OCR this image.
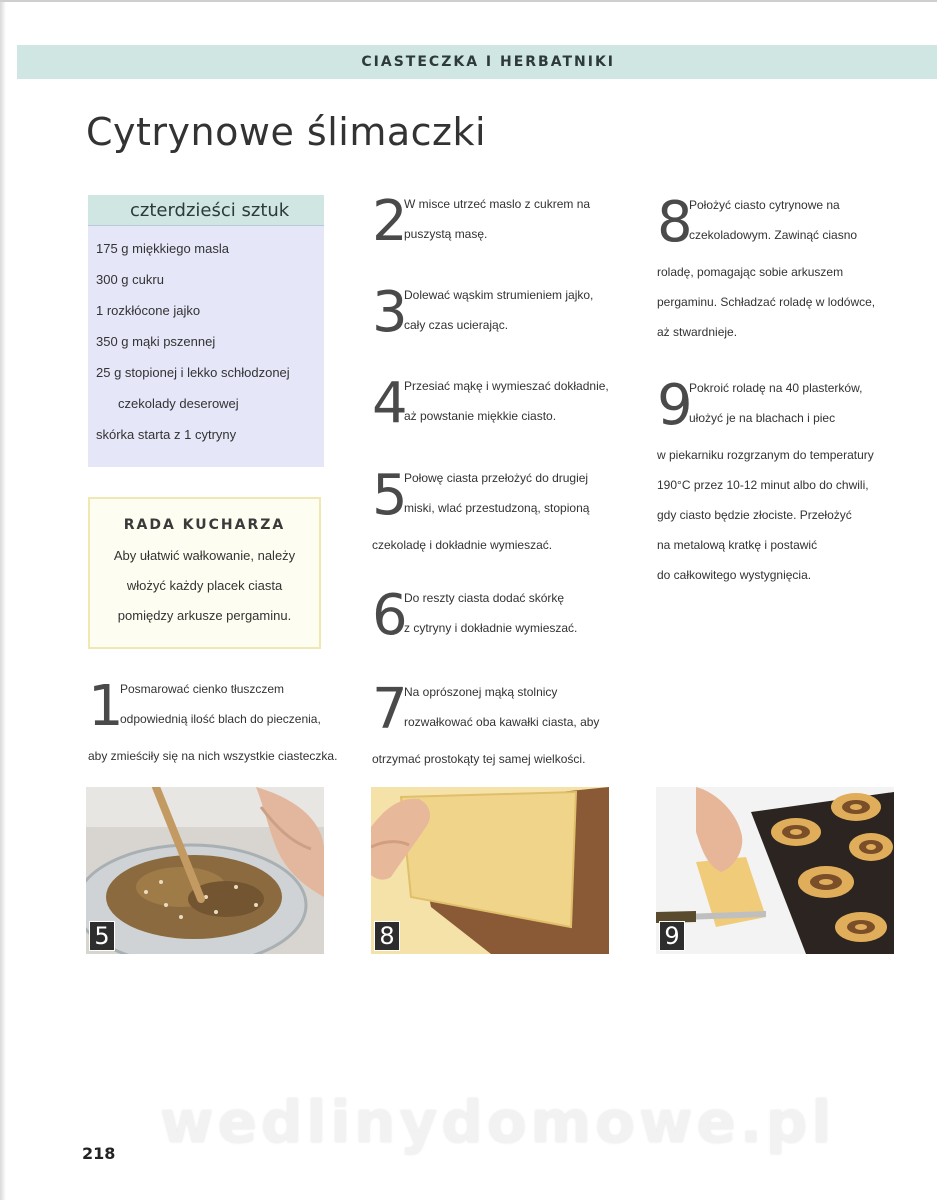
CIASTECZKA I HERBATNIKI
Cytrynowe ślimaczki
czterdzieści sztuk
175 g miękkiego masla
300 g cukru
1 rozkłócone jajko
350 g mąki pszennej
25 g stopionej i lekko schłodzonej
czekolady deserowej
skórka starta z 1 cytryny
RADA KUCHARZA
Aby ułatwić wałkowanie, należy
włożyć każdy placek ciasta
pomiędzy arkusze pergaminu.
1
Posmarować cienko tłuszczem
odpowiednią ilość blach do pieczenia,
aby zmieściły się na nich wszystkie ciasteczka.
2
W misce utrzeć maslo z cukrem na
puszystą masę.
3
Dolewać wąskim strumieniem jajko,
cały czas ucierając.
4
Przesiać mąkę i wymieszać dokładnie,
aż powstanie miękkie ciasto.
5
Połowę ciasta przełożyć do drugiej
miski, wlać przestudzoną, stopioną
czekoladę i dokładnie wymieszać.
6
Do reszty ciasta dodać skórkę
z cytryny i dokładnie wymieszać.
7
Na oprószonej mąką stolnicy
rozwałkować oba kawałki ciasta, aby
otrzymać prostokąty tej samej wielkości.
8
Położyć ciasto cytrynowe na
czekoladowym. Zawinąć ciasno
roladę, pomagając sobie arkuszem
pergaminu. Schładzać roladę w lodówce,
aż stwardnieje.
9
Pokroić roladę na 40 plasterków,
ułożyć je na blachach i piec
w piekarniku rozgrzanym do temperatury
190°C przez 10-12 minut albo do chwili,
gdy ciasto będzie złociste. Przełożyć
na metalową kratkę i postawić
do całkowitego wystygnięcia.
5	8	9
wedlinydomowe.pl
218
